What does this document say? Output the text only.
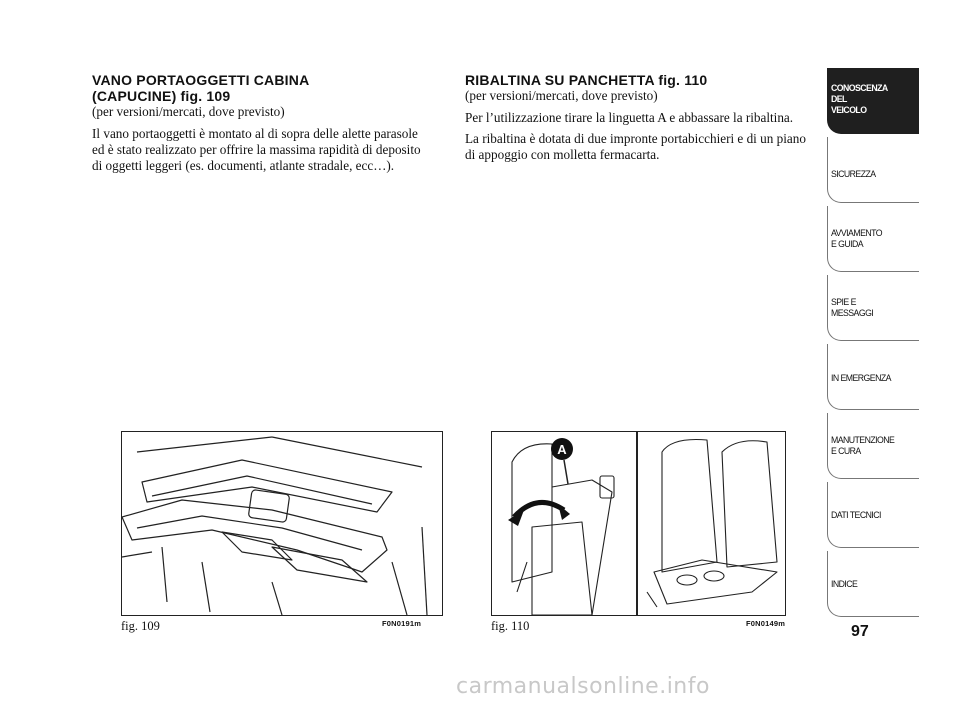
VANO PORTAOGGETTI CABINA
(CAPUCINE) fig. 109
(per versioni/mercati, dove previsto)
Il vano portaoggetti è montato al di sopra delle alette parasole ed è stato realizzato per offrire la massima rapidità di deposito di oggetti leggeri (es. documenti, atlante stradale, ecc…).
RIBALTINA SU PANCHETTA fig. 110
(per versioni/mercati, dove previsto)
Per l’utilizzazione tirare la linguetta A e abbassare la ribaltina.
La ribaltina è dotata di due impronte portabicchieri e di un piano di appoggio con molletta fermacarta.
fig. 109	F0N0191m
A
fig. 110	F0N0149m
CONOSCENZA
DEL
VEICOLO
SICUREZZA
AVVIAMENTO
E GUIDA
SPIE E
MESSAGGI
IN EMERGENZA
MANUTENZIONE
E CURA
DATI TECNICI
INDICE
97
carmanualsonline.info
